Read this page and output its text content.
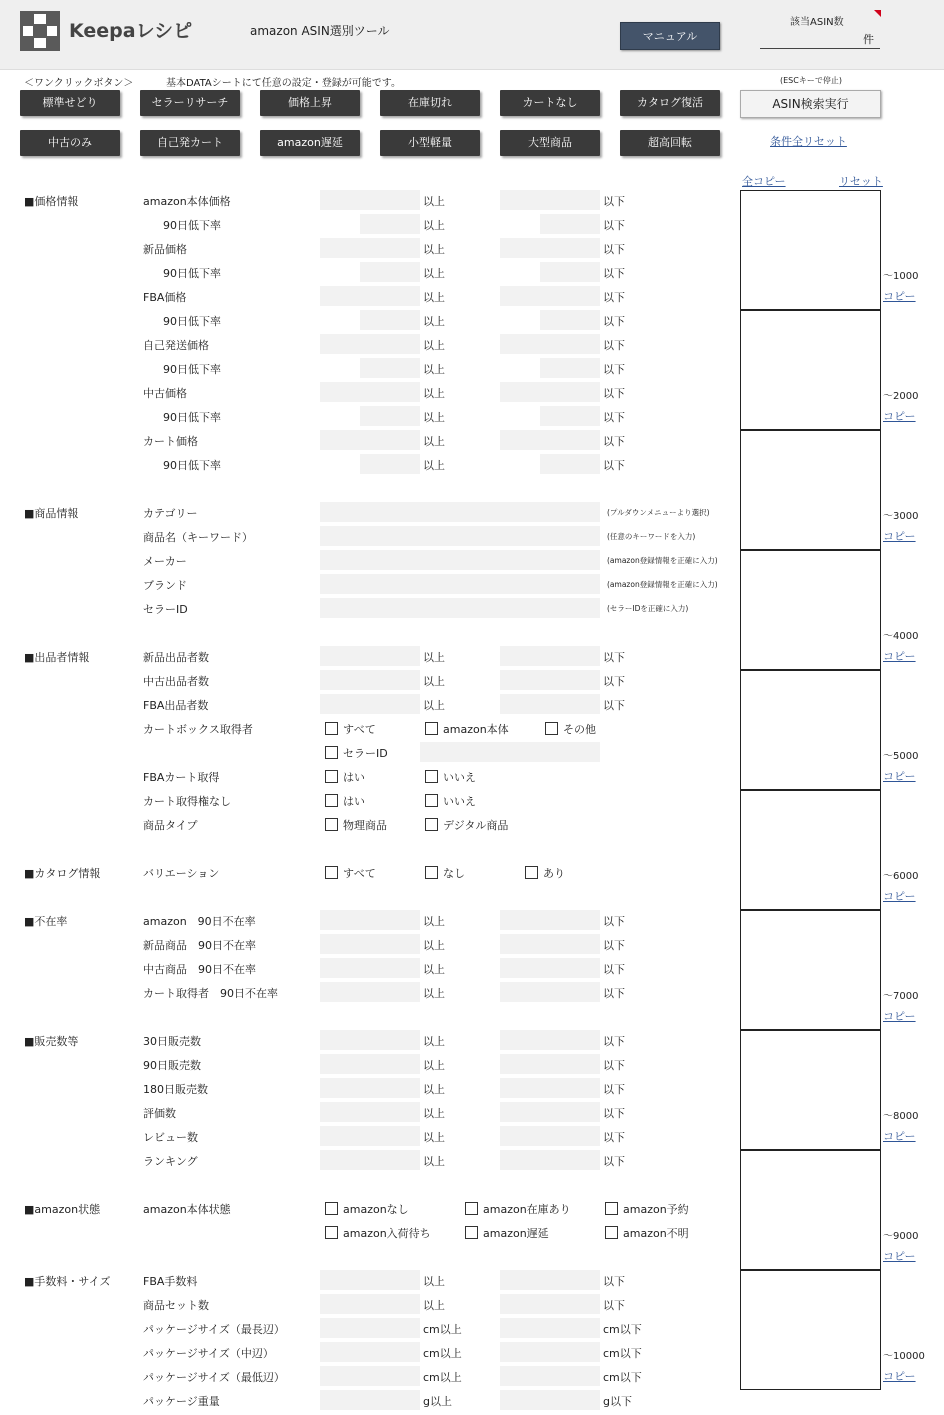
Keepaレシピ	amazon ASIN選別ツール	マニュアル
該当ASIN数
件
＜ワンクリックボタン＞	基本DATAシートにて任意の設定・登録が可能です。	(ESCキーで停止)
標準せどり	セラーリサーチ	価格上昇	在庫切れ	カートなし	カタログ復活
中古のみ	自己発カート	amazon遅延	小型軽量	大型商品	超高回転
ASIN検索実行
条件全リセット
全コピー	リセット
～1000
コピー
～2000
コピー
～3000
コピー
～4000
コピー
～5000
コピー
～6000
コピー
～7000
コピー
～8000
コピー
～9000
コピー
～10000
コピー
■価格情報	amazon本体価格	以上	以下
90日低下率	以上	以下
新品価格	以上	以下
90日低下率	以上	以下
FBA価格	以上	以下
90日低下率	以上	以下
自己発送価格	以上	以下
90日低下率	以上	以下
中古価格	以上	以下
90日低下率	以上	以下
カート価格	以上	以下
90日低下率	以上	以下
■商品情報	カテゴリー	(プルダウンメニューより選択)
商品名（キーワード）	(任意のキーワードを入力)
メーカー	(amazon登録情報を正確に入力)
ブランド	(amazon登録情報を正確に入力)
セラーID	(セラーIDを正確に入力)
■出品者情報	新品出品者数	以上	以下
中古出品者数	以上	以下
FBA出品者数	以上	以下
カートボックス取得者	すべて	amazon本体	その他
セラーID
FBAカート取得	はい	いいえ
カート取得権なし	はい	いいえ
商品タイプ	物理商品	デジタル商品
■カタログ情報	バリエーション	すべて	なし	あり
■不在率	amazon　90日不在率	以上	以下
新品商品　90日不在率	以上	以下
中古商品　90日不在率	以上	以下
カート取得者　90日不在率	以上	以下
■販売数等	30日販売数	以上	以下
90日販売数	以上	以下
180日販売数	以上	以下
評価数	以上	以下
レビュー数	以上	以下
ランキング	以上	以下
■amazon状態	amazon本体状態	amazonなし	amazon在庫あり	amazon予約
amazon入荷待ち	amazon遅延	amazon不明
■手数料・サイズ	FBA手数料	以上	以下
商品セット数	以上	以下
パッケージサイズ（最長辺）	cm以上	cm以下
パッケージサイズ（中辺）	cm以上	cm以下
パッケージサイズ（最低辺）	cm以上	cm以下
パッケージ重量	g以上	g以下
